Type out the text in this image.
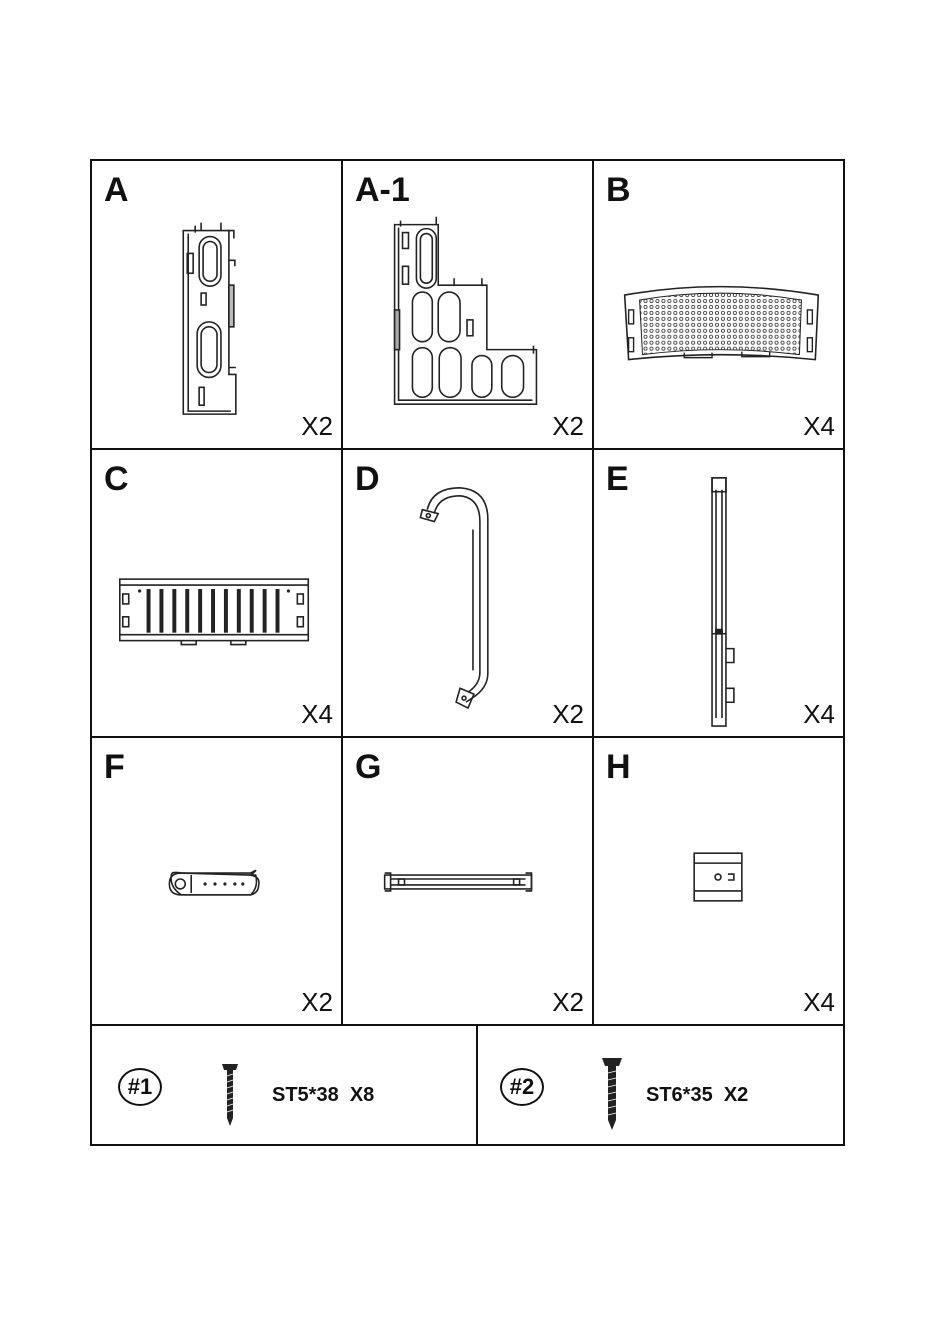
A
X2
A-1
X2
B
X4
C
X4
D
X2
E
X4
F
X2
G
X2
H
X4
#1	ST5*38  X8	#2	ST6*35  X2
